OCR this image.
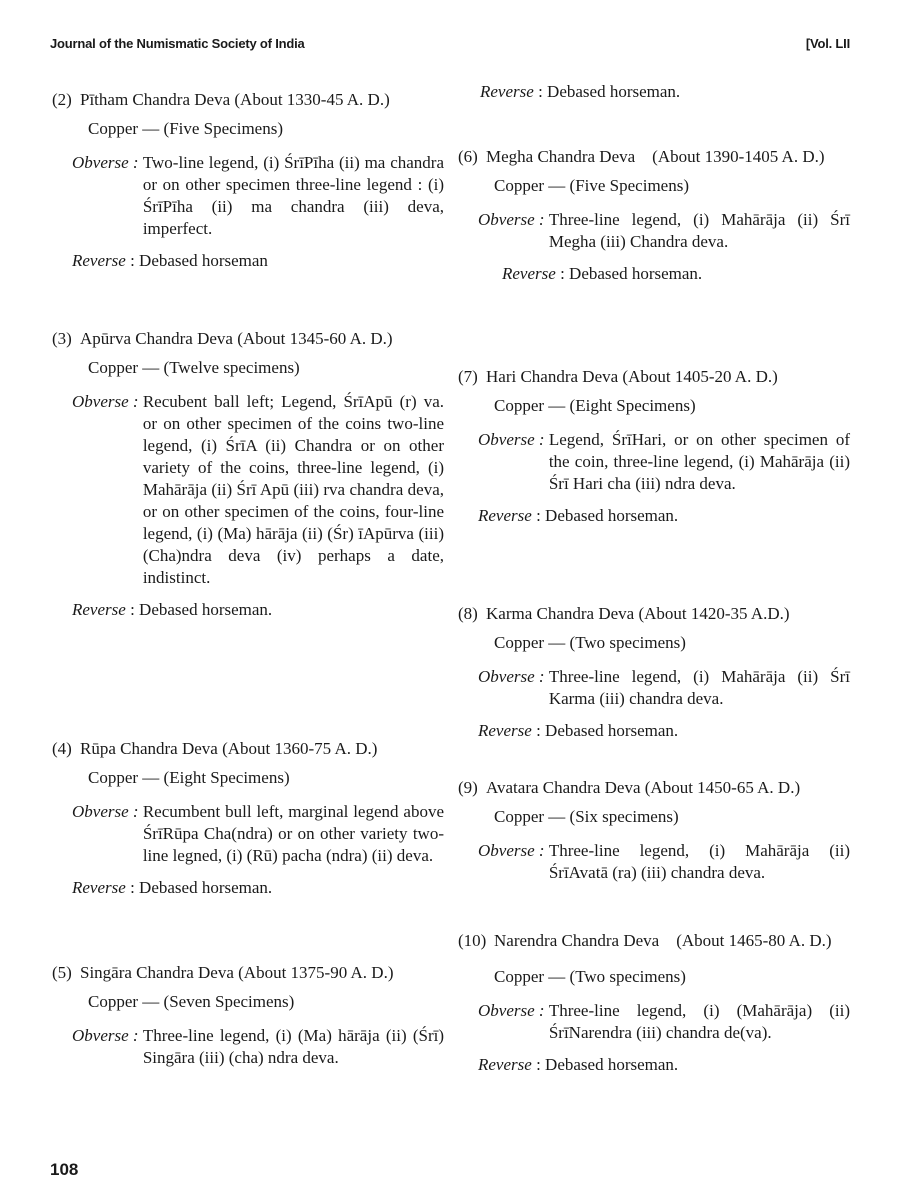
Journal of the Numismatic Society of India	[Vol. LII
(2) Pītham Chandra Deva (About 1330-45 A. D.)
Copper — (Five Specimens)
Obverse : Two-line legend, (i) ŚrīPīha (ii) ma chandra or on other specimen three-line legend : (i) ŚrīPīha (ii) ma chandra (iii) deva, imperfect.
Reverse : Debased horseman
(3) Apūrva Chandra Deva (About 1345-60 A. D.)
Copper — (Twelve specimens)
Obverse : Recubent ball left; Legend, ŚrīApū (r) va. or on other specimen of the coins two-line legend, (i) ŚrīA (ii) Chandra or on other variety of the coins, three-line legend, (i) Mahārāja (ii) Śrī Apū (iii) rva chandra deva, or on other specimen of the coins, four-line legend, (i) (Ma) hārāja (ii) (Śr) īApūrva (iii) (Cha)ndra deva (iv) perhaps a date, indistinct.
Reverse : Debased horseman.
(4) Rūpa Chandra Deva (About 1360-75 A. D.)
Copper — (Eight Specimens)
Obverse : Recumbent bull left, marginal legend above ŚrīRūpa Cha(ndra) or on other variety two-line legned, (i) (Rū) pacha (ndra) (ii) deva.
Reverse : Debased horseman.
(5) Singāra Chandra Deva (About 1375-90 A. D.)
Copper — (Seven Specimens)
Obverse : Three-line legend, (i) (Ma) hārāja (ii) (Śrī) Singāra (iii) (cha) ndra deva.
Reverse : Debased horseman.
(6) Megha Chandra Deva (About 1390-1405 A. D.)
Copper — (Five Specimens)
Obverse : Three-line legend, (i) Mahārāja (ii) Śrī Megha (iii) Chandra deva.
Reverse : Debased horseman.
(7) Hari Chandra Deva (About 1405-20 A. D.)
Copper — (Eight Specimens)
Obverse : Legend, ŚrīHari, or on other specimen of the coin, three-line legend, (i) Mahārāja (ii) Śrī Hari cha (iii) ndra deva.
Reverse : Debased horseman.
(8) Karma Chandra Deva (About 1420-35 A.D.)
Copper — (Two specimens)
Obverse : Three-line legend, (i) Mahārāja (ii) Śrī Karma (iii) chandra deva.
Reverse : Debased horseman.
(9) Avatara Chandra Deva (About 1450-65 A. D.)
Copper — (Six specimens)
Obverse : Three-line legend, (i) Mahārāja (ii) ŚrīAvatā (ra) (iii) chandra deva.
(10) Narendra Chandra Deva (About 1465-80 A. D.)
Copper — (Two specimens)
Obverse : Three-line legend, (i) (Mahārāja) (ii) ŚrīNarendra (iii) chandra de(va).
Reverse : Debased horseman.
108
